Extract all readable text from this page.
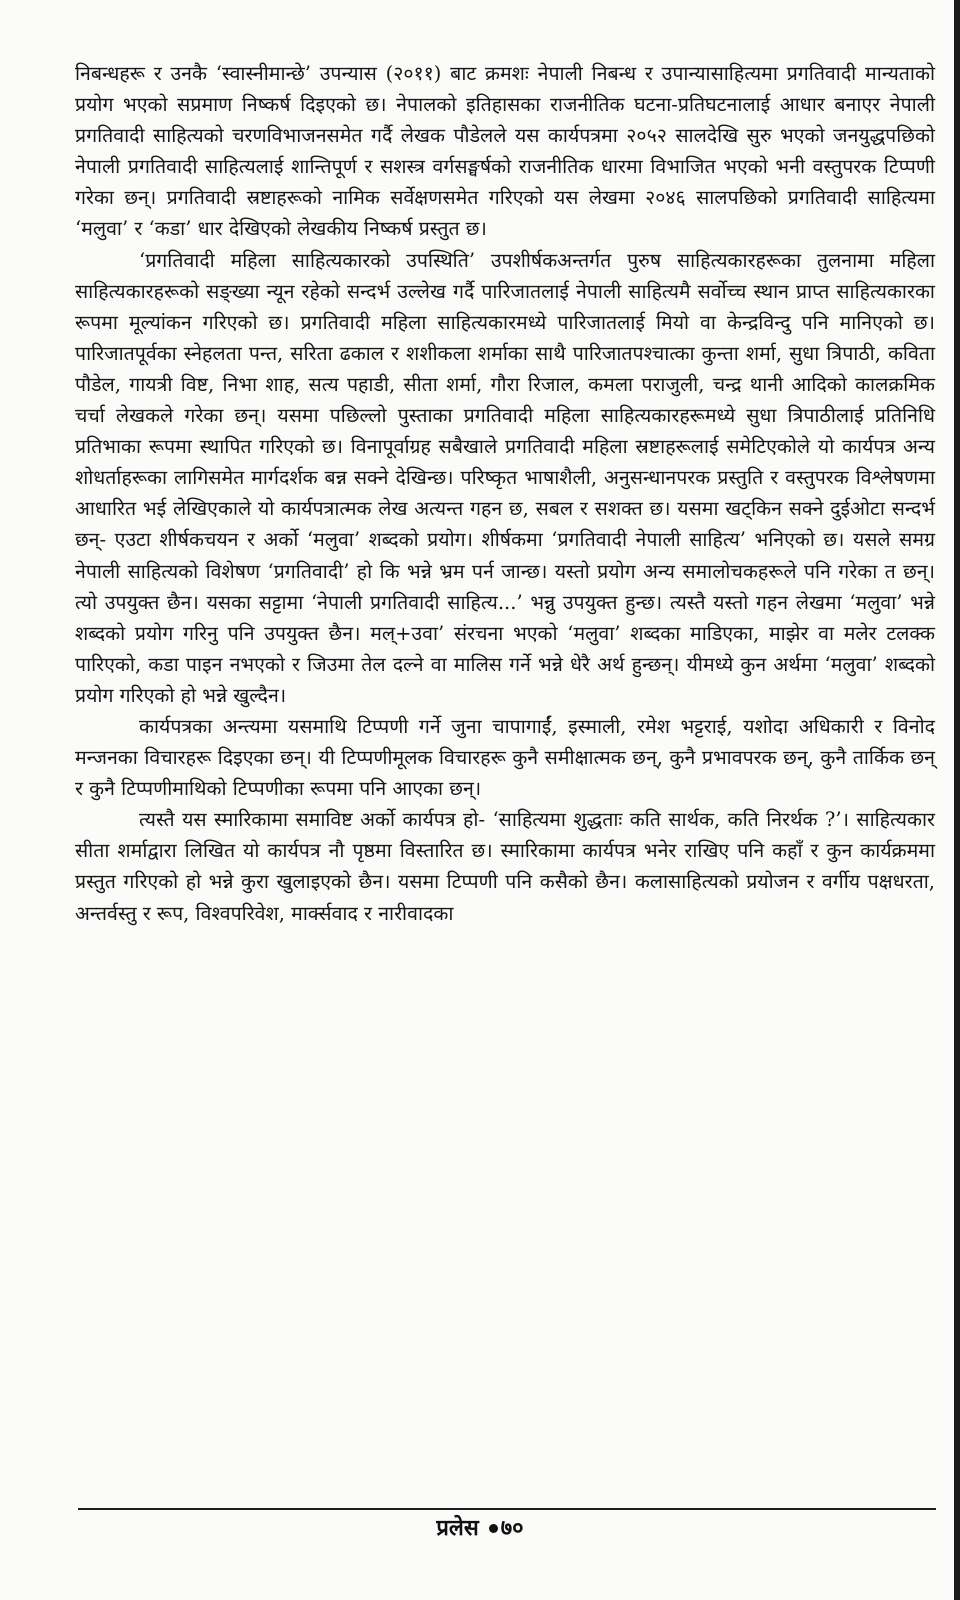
निबन्धहरू र उनकै ‘स्वास्नीमान्छे’ उपन्यास (२०११) बाट क्रमशः नेपाली निबन्ध र उपान्यासाहित्यमा प्रगतिवादी मान्यताको प्रयोग भएको सप्रमाण निष्कर्ष दिइएको छ। नेपालको इतिहासका राजनीतिक घटना-प्रतिघटनालाई आधार बनाएर नेपाली प्रगतिवादी साहित्यको चरणविभाजनसमेत गर्दै लेखक पौडेलले यस कार्यपत्रमा २०५२ सालदेखि सुरु भएको जनयुद्धपछिको नेपाली प्रगतिवादी साहित्यलाई शान्तिपूर्ण र सशस्त्र वर्गसङ्घर्षको राजनीतिक धारमा विभाजित भएको भनी वस्तुपरक टिप्पणी गरेका छन्। प्रगतिवादी स्रष्टाहरूको नामिक सर्वेक्षणसमेत गरिएको यस लेखमा २०४६ सालपछिको प्रगतिवादी साहित्यमा ‘मलुवा’ र ‘कडा’ धार देखिएको लेखकीय निष्कर्ष प्रस्तुत छ।

‘प्रगतिवादी महिला साहित्यकारको उपस्थिति’ उपशीर्षकअन्तर्गत पुरुष साहित्यकारहरूका तुलनामा महिला साहित्यकारहरूको सङ्ख्या न्यून रहेको सन्दर्भ उल्लेख गर्दै पारिजातलाई नेपाली साहित्यमै सर्वोच्च स्थान प्राप्त साहित्यकारका रूपमा मूल्यांकन गरिएको छ। प्रगतिवादी महिला साहित्यकारमध्ये पारिजातलाई मियो वा केन्द्रविन्दु पनि मानिएको छ। पारिजातपूर्वका स्नेहलता पन्त, सरिता ढकाल र शशीकला शर्माका साथै पारिजातपश्चात्का कुन्ता शर्मा, सुधा त्रिपाठी, कविता पौडेल, गायत्री विष्ट, निभा शाह, सत्य पहाडी, सीता शर्मा, गौरा रिजाल, कमला पराजुली, चन्द्र थानी आदिको कालक्रमिक चर्चा लेखकले गरेका छन्। यसमा पछिल्लो पुस्ताका प्रगतिवादी महिला साहित्यकारहरूमध्ये सुधा त्रिपाठीलाई प्रतिनिधि प्रतिभाका रूपमा स्थापित गरिएको छ। विनापूर्वाग्रह सबैखाले प्रगतिवादी महिला स्रष्टाहरूलाई समेटिएकोले यो कार्यपत्र अन्य शोधर्ताहरूका लागिसमेत मार्गदर्शक बन्न सक्ने देखिन्छ। परिष्कृत भाषाशैली, अनुसन्धानपरक प्रस्तुति र वस्तुपरक विश्लेषणमा आधारित भई लेखिएकाले यो कार्यपत्रात्मक लेख अत्यन्त गहन छ, सबल र सशक्त छ। यसमा खट्किन सक्ने दुईओटा सन्दर्भ छन्- एउटा शीर्षकचयन र अर्को ‘मलुवा’ शब्दको प्रयोग। शीर्षकमा ‘प्रगतिवादी नेपाली साहित्य’ भनिएको छ। यसले समग्र नेपाली साहित्यको विशेषण ‘प्रगतिवादी’ हो कि भन्ने भ्रम पर्न जान्छ। यस्तो प्रयोग अन्य समालोचकहरूले पनि गरेका त छन्। त्यो उपयुक्त छैन। यसका सट्टामा ‘नेपाली प्रगतिवादी साहित्य...’ भन्नु उपयुक्त हुन्छ। त्यस्तै यस्तो गहन लेखमा ‘मलुवा’ भन्ने शब्दको प्रयोग गरिनु पनि उपयुक्त छैन। मल्+उवा’ संरचना भएको ‘मलुवा’ शब्दका माडिएका, माझेर वा मलेर टलक्क पारिएको, कडा पाइन नभएको र जिउमा तेल दल्ने वा मालिस गर्ने भन्ने धेरै अर्थ हुन्छन्। यीमध्ये कुन अर्थमा ‘मलुवा’ शब्दको प्रयोग गरिएको हो भन्ने खुल्दैन।

कार्यपत्रका अन्त्यमा यसमाथि टिप्पणी गर्ने जुना चापागाईं, इस्माली, रमेश भट्टराई, यशोदा अधिकारी र विनोद मन्जनका विचारहरू दिइएका छन्। यी टिप्पणीमूलक विचारहरू कुनै समीक्षात्मक छन्, कुनै प्रभावपरक छन्, कुनै तार्किक छन् र कुनै टिप्पणीमाथिको टिप्पणीका रूपमा पनि आएका छन्।

त्यस्तै यस स्मारिकामा समाविष्ट अर्को कार्यपत्र हो- ‘साहित्यमा शुद्धताः कति सार्थक, कति निरर्थक ?’। साहित्यकार सीता शर्माद्वारा लिखित यो कार्यपत्र नौ पृष्ठमा विस्तारित छ। स्मारिकामा कार्यपत्र भनेर राखिए पनि कहाँ र कुन कार्यक्रममा प्रस्तुत गरिएको हो भन्ने कुरा खुलाइएको छैन। यसमा टिप्पणी पनि कसैको छैन। कलासाहित्यको प्रयोजन र वर्गीय पक्षधरता, अन्तर्वस्तु र रूप, विश्वपरिवेश, मार्क्सवाद र नारीवादका

प्रलेस ७०
